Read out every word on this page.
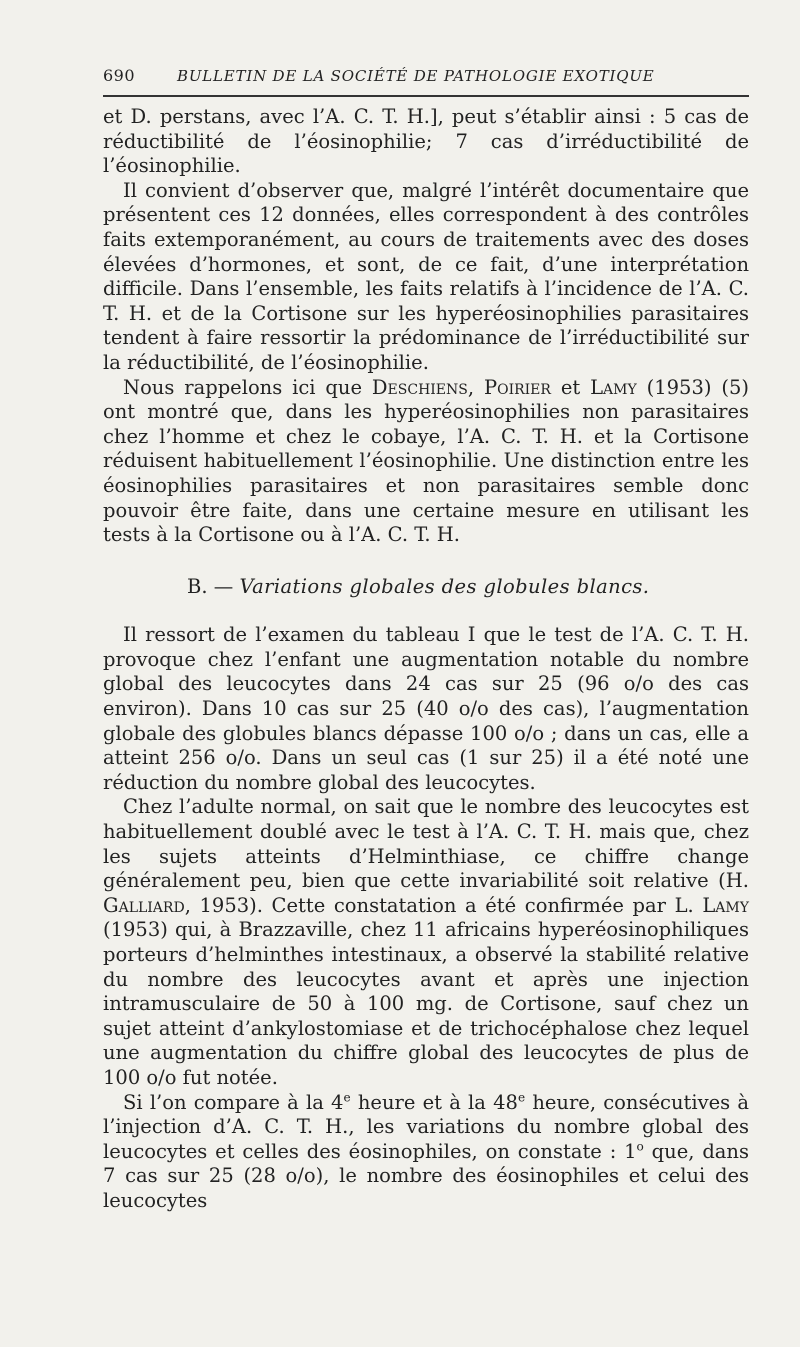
690	BULLETIN DE LA SOCIÉTÉ DE PATHOLOGIE EXOTIQUE

et D. perstans, avec l’A. C. T. H.], peut s’établir ainsi : 5 cas de réductibilité de l’éosinophilie; 7 cas d’irréductibilité de l’éosinophilie.

Il convient d’observer que, malgré l’intérêt documentaire que présentent ces 12 données, elles correspondent à des contrôles faits extemporanément, au cours de traitements avec des doses élevées d’hormones, et sont, de ce fait, d’une interprétation difficile. Dans l’ensemble, les faits relatifs à l’incidence de l’A. C. T. H. et de la Cortisone sur les hyperéosinophilies parasitaires tendent à faire ressortir la prédominance de l’irréductibilité sur la réductibilité, de l’éosinophilie.

Nous rappelons ici que Deschiens, Poirier et Lamy (1953) (5) ont montré que, dans les hyperéosinophilies non parasitaires chez l’homme et chez le cobaye, l’A. C. T. H. et la Cortisone réduisent habituellement l’éosinophilie. Une distinction entre les éosinophilies parasitaires et non parasitaires semble donc pouvoir être faite, dans une certaine mesure en utilisant les tests à la Cortisone ou à l’A. C. T. H.

B. — Variations globales des globules blancs.

Il ressort de l’examen du tableau I que le test de l’A. C. T. H. provoque chez l’enfant une augmentation notable du nombre global des leucocytes dans 24 cas sur 25 (96 o/o des cas environ). Dans 10 cas sur 25 (40 o/o des cas), l’augmentation globale des globules blancs dépasse 100 o/o ; dans un cas, elle a atteint 256 o/o. Dans un seul cas (1 sur 25) il a été noté une réduction du nombre global des leucocytes.

Chez l’adulte normal, on sait que le nombre des leucocytes est habituellement doublé avec le test à l’A. C. T. H. mais que, chez les sujets atteints d’Helminthiase, ce chiffre change généralement peu, bien que cette invariabilité soit relative (H. Galliard, 1953). Cette constatation a été confirmée par L. Lamy (1953) qui, à Brazzaville, chez 11 africains hyperéosinophiliques porteurs d’helminthes intestinaux, a observé la stabilité relative du nombre des leucocytes avant et après une injection intramusculaire de 50 à 100 mg. de Cortisone, sauf chez un sujet atteint d’ankylostomiase et de trichocéphalose chez lequel une augmentation du chiffre global des leucocytes de plus de 100 o/o fut notée.

Si l’on compare à la 4e heure et à la 48e heure, consécutives à l’injection d’A. C. T. H., les variations du nombre global des leucocytes et celles des éosinophiles, on constate : 1$^o$ que, dans 7 cas sur 25 (28 o/o), le nombre des éosinophiles et celui des leucocytes
